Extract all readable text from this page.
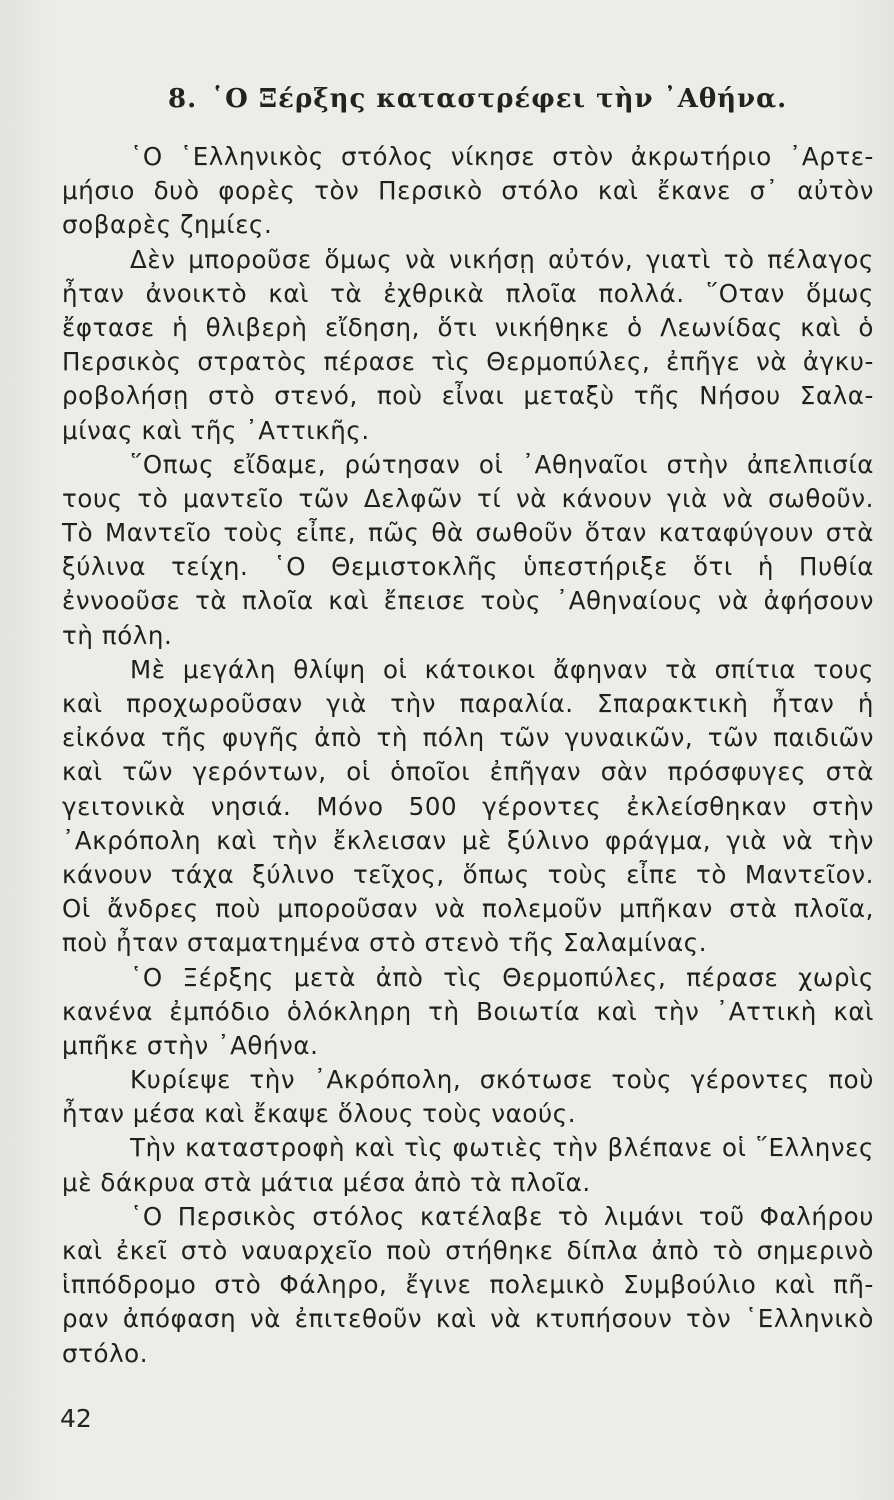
8. ῾Ο Ξέρξης καταστρέφει τὴν ᾿Αθήνα.
῾Ο ῾Ελληνικὸς στόλος νίκησε στὸν ἀκρωτήριο ᾿Αρτε-
μήσιο δυὸ φορὲς τὸν Περσικὸ στόλο καὶ ἔκανε σ᾿ αὐτὸν
σοβαρὲς ζημίες.
Δὲν μποροῦσε ὅμως νὰ νικήσῃ αὐτόν, γιατὶ τὸ πέλαγος
ἦταν ἀνοικτὸ καὶ τὰ ἐχθρικὰ πλοῖα πολλά. ῞Οταν ὅμως
ἔφτασε ἡ θλιβερὴ εἴδηση, ὅτι νικήθηκε ὁ Λεωνίδας καὶ ὁ
Περσικὸς στρατὸς πέρασε τὶς Θερμοπύλες, ἐπῆγε νὰ ἀγκυ-
ροβολήσῃ στὸ στενό, ποὺ εἶναι μεταξὺ τῆς Νήσου Σαλα-
μίνας καὶ τῆς ᾿Αττικῆς.
῞Οπως εἴδαμε, ρώτησαν οἱ ᾿Αθηναῖοι στὴν ἀπελπισία
τους τὸ μαντεῖο τῶν Δελφῶν τί νὰ κάνουν γιὰ νὰ σωθοῦν.
Τὸ Μαντεῖο τοὺς εἶπε, πῶς θὰ σωθοῦν ὅταν καταφύγουν στὰ
ξύλινα τείχη. ῾Ο Θεμιστοκλῆς ὑπεστήριξε ὅτι ἡ Πυθία
ἐννοοῦσε τὰ πλοῖα καὶ ἔπεισε τοὺς ᾿Αθηναίους νὰ ἀφήσουν
τὴ πόλη.
Μὲ μεγάλη θλίψη οἱ κάτοικοι ἄφηναν τὰ σπίτια τους
καὶ προχωροῦσαν γιὰ τὴν παραλία. Σπαρακτικὴ ἦταν ἡ
εἰκόνα τῆς φυγῆς ἀπὸ τὴ πόλη τῶν γυναικῶν, τῶν παιδιῶν
καὶ τῶν γερόντων, οἱ ὁποῖοι ἐπῆγαν σὰν πρόσφυγες στὰ
γειτονικὰ νησιά. Μόνο 500 γέροντες ἐκλείσθηκαν στὴν
᾿Ακρόπολη καὶ τὴν ἔκλεισαν μὲ ξύλινο φράγμα, γιὰ νὰ τὴν
κάνουν τάχα ξύλινο τεῖχος, ὅπως τοὺς εἶπε τὸ Μαντεῖον.
Οἱ ἄνδρες ποὺ μποροῦσαν νὰ πολεμοῦν μπῆκαν στὰ πλοῖα,
ποὺ ἦταν σταματημένα στὸ στενὸ τῆς Σαλαμίνας.
῾Ο Ξέρξης μετὰ ἀπὸ τὶς Θερμοπύλες, πέρασε χωρὶς
κανένα ἐμπόδιο ὁλόκληρη τὴ Βοιωτία καὶ τὴν ᾿Αττικὴ καὶ
μπῆκε στὴν ᾿Αθήνα.
Κυρίεψε τὴν ᾿Ακρόπολη, σκότωσε τοὺς γέροντες ποὺ
ἦταν μέσα καὶ ἔκαψε ὅλους τοὺς ναούς.
Τὴν καταστροφὴ καὶ τὶς φωτιὲς τὴν βλέπανε οἱ ῞Ελληνες
μὲ δάκρυα στὰ μάτια μέσα ἀπὸ τὰ πλοῖα.
῾Ο Περσικὸς στόλος κατέλαβε τὸ λιμάνι τοῦ Φαλήρου
καὶ ἐκεῖ στὸ ναυαρχεῖο ποὺ στήθηκε δίπλα ἀπὸ τὸ σημερινὸ
ἱππόδρομο στὸ Φάληρο, ἔγινε πολεμικὸ Συμβούλιο καὶ πῆ-
ραν ἀπόφαση νὰ ἐπιτεθοῦν καὶ νὰ κτυπήσουν τὸν ῾Ελληνικὸ
στόλο.
42
